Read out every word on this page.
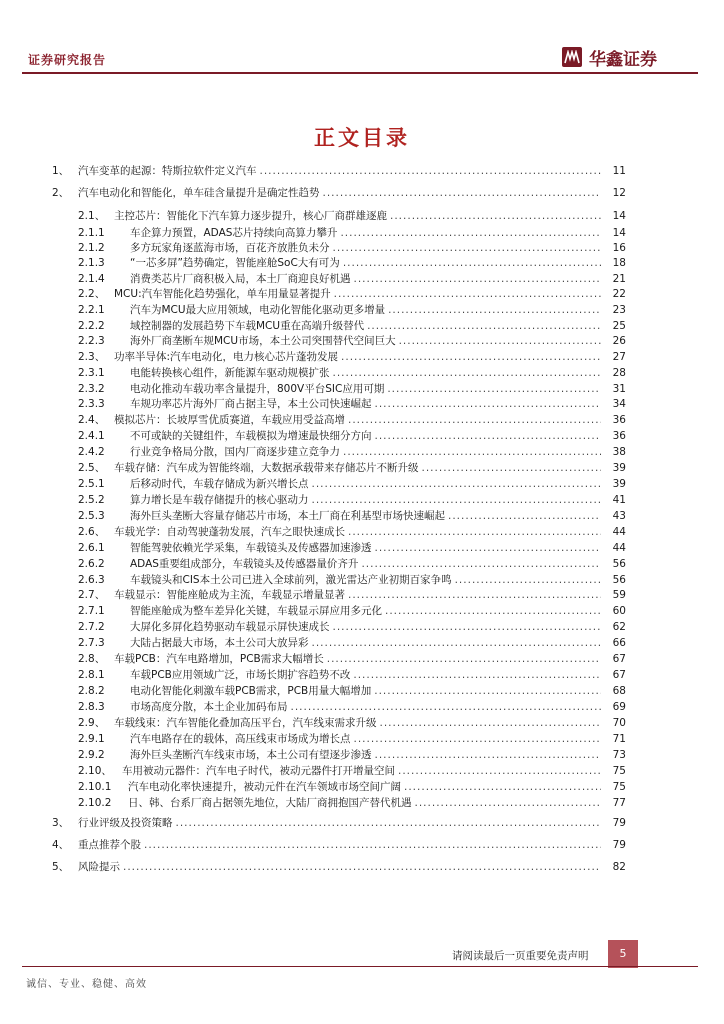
证券研究报告	华鑫证券
正文目录
1、 汽车变革的起源：特斯拉软件定义汽车 .....	11
2、 汽车电动化和智能化，单车硅含量提升是确定性趋势 .....	12
2.1、 主控芯片：智能化下汽车算力逐步提升，核心厂商群雄逐鹿 .....	14
2.1.1	车企算力预置，ADAS芯片持续向高算力攀升 .....	14
2.1.2	多方玩家角逐蓝海市场，百花齐放胜负未分 .....	16
2.1.3	“一芯多屏”趋势确定，智能座舱SoC大有可为 .....	18
2.1.4	消费类芯片厂商积极入局，本土厂商迎良好机遇 .....	21
2.2、 MCU:汽车智能化趋势强化，单车用量显著提升 .....	22
2.2.1	汽车为MCU最大应用领域，电动化智能化驱动更多增量 .....	23
2.2.2	域控制器的发展趋势下车载MCU重在高端升级替代 .....	25
2.2.3	海外厂商垄断车规MCU市场，本土公司突围替代空间巨大 .....	26
2.3、 功率半导体:汽车电动化，电力核心芯片蓬勃发展 .....	27
2.3.1	电能转换核心组件，新能源车驱动规模扩张 .....	28
2.3.2	电动化推动车载功率含量提升，800V平台SIC应用可期 .....	31
2.3.3	车规功率芯片海外厂商占据主导，本土公司快速崛起 .....	34
2.4、 模拟芯片：长坡厚雪优质赛道，车载应用受益高增 .....	36
2.4.1	不可或缺的关键组件，车载模拟为增速最快细分方向 .....	36
2.4.2	行业竞争格局分散，国内厂商逐步建立竞争力 .....	38
2.5、 车载存储：汽车成为智能终端，大数据承载带来存储芯片不断升级 .....	39
2.5.1	后移动时代，车载存储成为新兴增长点 .....	39
2.5.2	算力增长是车载存储提升的核心驱动力 .....	41
2.5.3	海外巨头垄断大容量存储芯片市场，本土厂商在利基型市场快速崛起 .....	43
2.6、 车载光学：自动驾驶蓬勃发展，汽车之眼快速成长 .....	44
2.6.1	智能驾驶依赖光学采集，车载镜头及传感器加速渗透 .....	44
2.6.2	ADAS重要组成部分，车载镜头及传感器量价齐升 .....	56
2.6.3	车载镜头和CIS本土公司已进入全球前列，激光雷达产业初期百家争鸣 .....	56
2.7、 车载显示：智能座舱成为主流，车载显示增量显著 .....	59
2.7.1	智能座舱成为整车差异化关键，车载显示屏应用多元化 .....	60
2.7.2	大屏化多屏化趋势驱动车载显示屏快速成长 .....	62
2.7.3	大陆占据最大市场，本土公司大放异彩 .....	66
2.8、 车载PCB：汽车电路增加，PCB需求大幅增长 .....	67
2.8.1	车载PCB应用领域广泛，市场长期扩容趋势不改 .....	67
2.8.2	电动化智能化刺激车载PCB需求，PCB用量大幅增加 .....	68
2.8.3	市场高度分散，本土企业加码布局 .....	69
2.9、 车载线束：汽车智能化叠加高压平台，汽车线束需求升级 .....	70
2.9.1	汽车电路存在的载体，高压线束市场成为增长点 .....	71
2.9.2	海外巨头垄断汽车线束市场，本土公司有望逐步渗透 .....	73
2.10、 车用被动元器件：汽车电子时代，被动元器件打开增量空间 .....	75
2.10.1	汽车电动化率快速提升，被动元件在汽车领域市场空间广阔 .....	75
2.10.2	日、韩、台系厂商占据领先地位，大陆厂商拥抱国产替代机遇 .....	77
3、 行业评级及投资策略 .....	79
4、 重点推荐个股 .....	79
5、 风险提示 .....	82
请阅读最后一页重要免责声明	5
诚信、专业、稳健、高效
